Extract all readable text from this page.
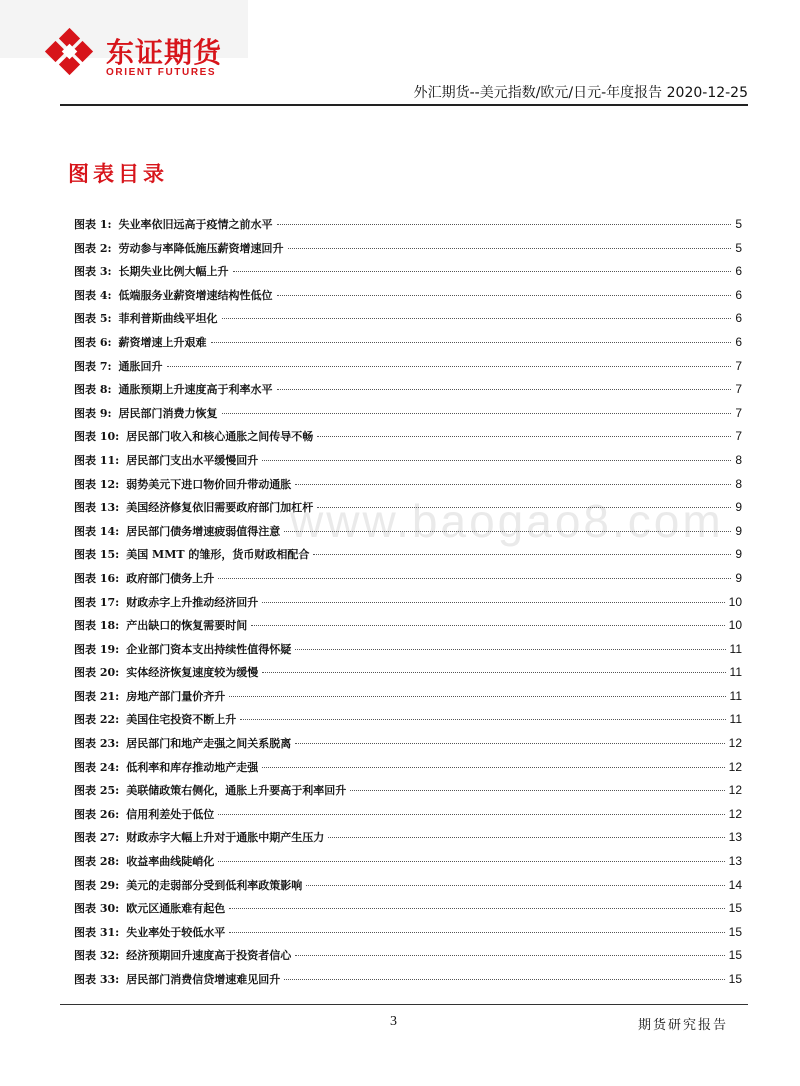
东证期货
ORIENT FUTURES
外汇期货--美元指数/欧元/日元-年度报告 2020-12-25
图表目录
www.baogao8.com
图表 1: 失业率依旧远高于疫情之前水平	5
图表 2: 劳动参与率降低施压薪资增速回升	5
图表 3: 长期失业比例大幅上升	6
图表 4: 低端服务业薪资增速结构性低位	6
图表 5: 菲利普斯曲线平坦化	6
图表 6: 薪资增速上升艰难	6
图表 7: 通胀回升	7
图表 8: 通胀预期上升速度高于利率水平	7
图表 9: 居民部门消费力恢复	7
图表 10: 居民部门收入和核心通胀之间传导不畅	7
图表 11: 居民部门支出水平缓慢回升	8
图表 12: 弱势美元下进口物价回升带动通胀	8
图表 13: 美国经济修复依旧需要政府部门加杠杆	9
图表 14: 居民部门债务增速疲弱值得注意	9
图表 15: 美国 MMT 的雏形，货币财政相配合	9
图表 16: 政府部门债务上升	9
图表 17: 财政赤字上升推动经济回升	10
图表 18: 产出缺口的恢复需要时间	10
图表 19: 企业部门资本支出持续性值得怀疑	11
图表 20: 实体经济恢复速度较为缓慢	11
图表 21: 房地产部门量价齐升	11
图表 22: 美国住宅投资不断上升	11
图表 23: 居民部门和地产走强之间关系脱离	12
图表 24: 低利率和库存推动地产走强	12
图表 25: 美联储政策右侧化，通胀上升要高于利率回升	12
图表 26: 信用利差处于低位	12
图表 27: 财政赤字大幅上升对于通胀中期产生压力	13
图表 28: 收益率曲线陡峭化	13
图表 29: 美元的走弱部分受到低利率政策影响	14
图表 30: 欧元区通胀难有起色	15
图表 31: 失业率处于较低水平	15
图表 32: 经济预期回升速度高于投资者信心	15
图表 33: 居民部门消费信贷增速难见回升	15
3	期货研究报告
